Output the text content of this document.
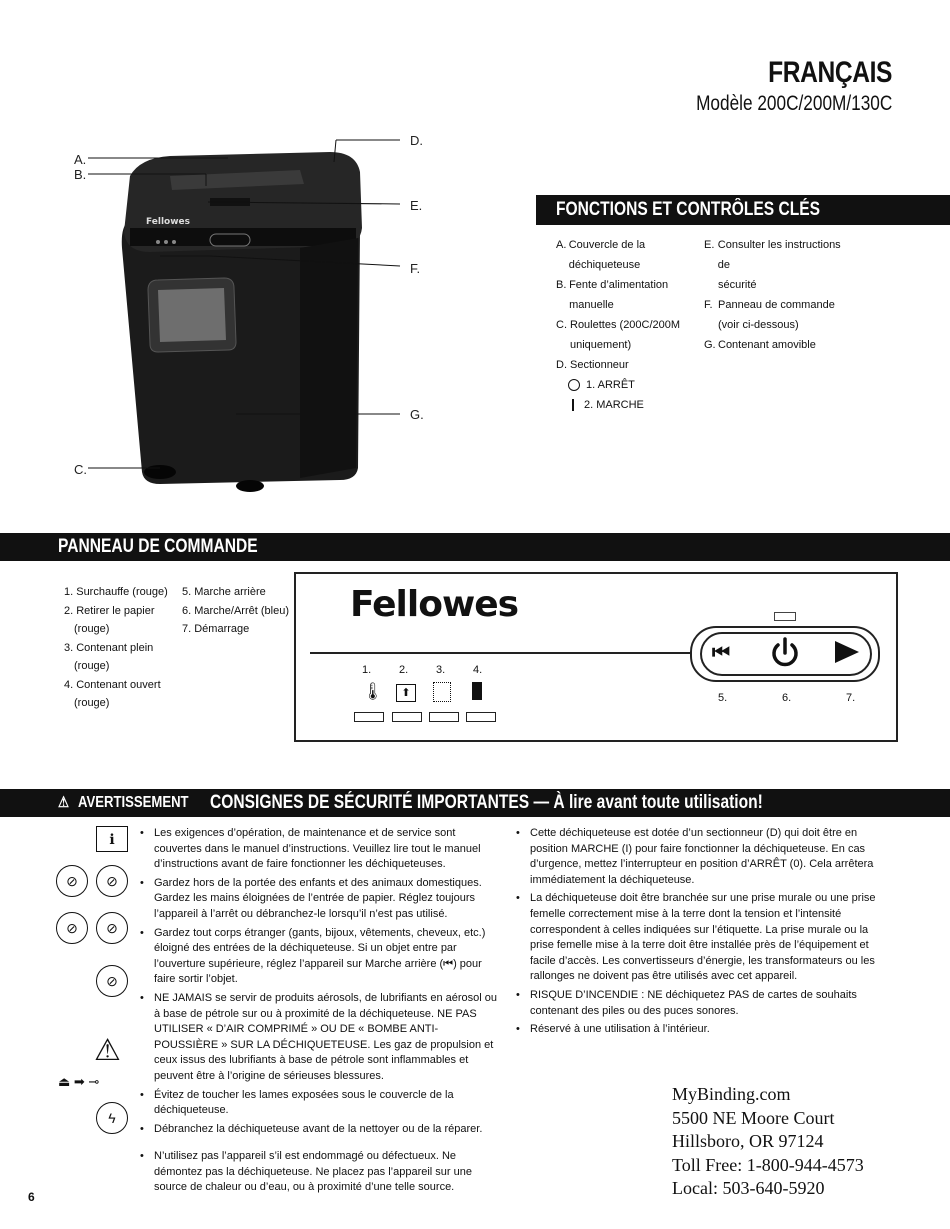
FRANÇAIS
Modèle 200C/200M/130C
Fellowes
A.
B.
C.
D.
E.
F.
G.
FONCTIONS ET CONTRÔLES CLÉS
A. Couvercle de la déchiqueteuse
B. Fente d’alimentation manuelle
C. Roulettes (200C/200M
uniquement)
D. Sectionneur
1. ARRÊT
2. MARCHE
E. Consulter les instructions de
sécurité
F. Panneau de commande
(voir ci-dessous)
G. Contenant amovible
PANNEAU DE COMMANDE
1. Surchauffe (rouge)
2. Retirer le papier
(rouge)
3. Contenant plein
(rouge)
4. Contenant ouvert
(rouge)
5. Marche arrière
6. Marche/Arrêt (bleu)
7. Démarrage
Fellowes
⏮
1.	2.	3.	4.
🌡	⬆	5.	6.	7.
⚠ AVERTISSEMENT CONSIGNES DE SÉCURITÉ IMPORTANTES — À lire avant toute utilisation!
ℹ
⊘	⊘
⊘	⊘
⊘
⚠
⏏ ➡ ⊸
ϟ
• Les exigences d’opération, de maintenance et de service sont couvertes dans le manuel d’instructions. Veuillez lire tout le manuel d’instructions avant de faire fonctionner les déchiqueteuses.
• Gardez hors de la portée des enfants et des animaux domestiques. Gardez les mains éloignées de l’entrée de papier. Réglez toujours l’appareil à l’arrêt ou débranchez-le lorsqu’il n’est pas utilisé.
• Gardez tout corps étranger (gants, bijoux, vêtements, cheveux, etc.) éloigné des entrées de la déchiqueteuse. Si un objet entre par l’ouverture supérieure, réglez l’appareil sur Marche arrière (⏮) pour faire sortir l’objet.
• NE JAMAIS se servir de produits aérosols, de lubrifiants en aérosol ou à base de pétrole sur ou à proximité de la déchiqueteuse. NE PAS UTILISER « D’AIR COMPRIMÉ » OU DE « BOMBE ANTI-POUSSIÈRE » SUR LA DÉCHIQUETEUSE. Les gaz de propulsion et ceux issus des lubrifiants à base de pétrole sont inflammables et peuvent être à l’origine de sérieuses blessures.
• Évitez de toucher les lames exposées sous le couvercle de la déchiqueteuse.
• Débranchez la déchiqueteuse avant de la nettoyer ou de la réparer.
• N’utilisez pas l’appareil s’il est endommagé ou défectueux. Ne démontez pas la déchiqueteuse. Ne placez pas l’appareil sur une source de chaleur ou d’eau, ou à proximité d’une telle source.
• Cette déchiqueteuse est dotée d’un sectionneur (D) qui doit être en position MARCHE (I) pour faire fonctionner la déchiqueteuse. En cas d’urgence, mettez l’interrupteur en position d’ARRÊT (0). Cela arrêtera immédiatement la déchiqueteuse.
• La déchiqueteuse doit être branchée sur une prise murale ou une prise femelle correctement mise à la terre dont la tension et l’intensité correspondent à celles indiquées sur l’étiquette. La prise murale ou la prise femelle mise à la terre doit être installée près de l’équipement et facile d’accès. Les convertisseurs d’énergie, les transformateurs ou les rallonges ne doivent pas être utilisés avec cet appareil.
• RISQUE D’INCENDIE : NE déchiquetez PAS de cartes de souhaits contenant des piles ou des puces sonores.
• Réservé à une utilisation à l’intérieur.
MyBinding.com
5500 NE Moore Court
Hillsboro, OR 97124
Toll Free: 1-800-944-4573
Local: 503-640-5920
6
